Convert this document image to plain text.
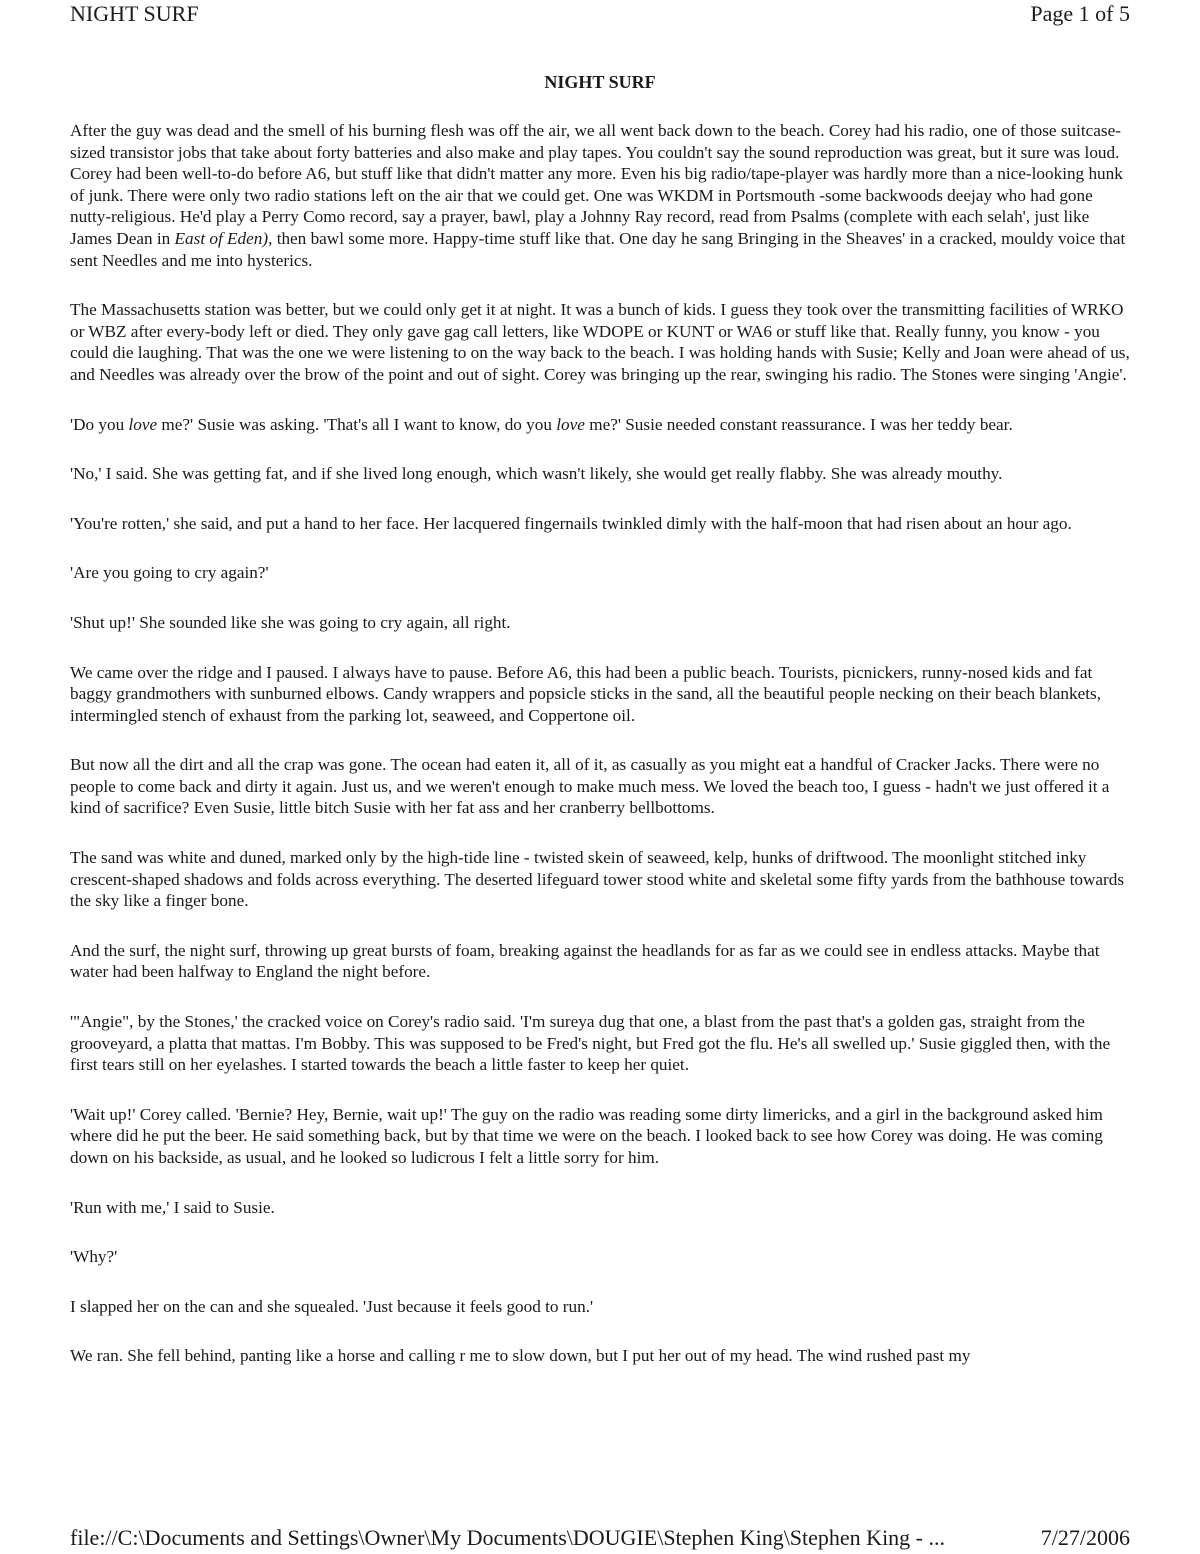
NIGHT SURF	Page 1 of 5
NIGHT SURF

After the guy was dead and the smell of his burning flesh was off the air, we all went back down to the beach. Corey had his radio, one of those suitcase-sized transistor jobs that take about forty batteries and also make and play tapes. You couldn't say the sound reproduction was great, but it sure was loud. Corey had been well-to-do before A6, but stuff like that didn't matter any more. Even his big radio/tape-player was hardly more than a nice-looking hunk of junk. There were only two radio stations left on the air that we could get. One was WKDM in Portsmouth -some backwoods deejay who had gone nutty-religious. He'd play a Perry Como record, say a prayer, bawl, play a Johnny Ray record, read from Psalms (complete with each selah', just like James Dean in East of Eden), then bawl some more. Happy-time stuff like that. One day he sang Bringing in the Sheaves' in a cracked, mouldy voice that sent Needles and me into hysterics.

The Massachusetts station was better, but we could only get it at night. It was a bunch of kids. I guess they took over the transmitting facilities of WRKO or WBZ after every-body left or died. They only gave gag call letters, like WDOPE or KUNT or WA6 or stuff like that. Really funny, you know - you could die laughing. That was the one we were listening to on the way back to the beach. I was holding hands with Susie; Kelly and Joan were ahead of us, and Needles was already over the brow of the point and out of sight. Corey was bringing up the rear, swinging his radio. The Stones were singing 'Angie'.

'Do you love me?' Susie was asking. 'That's all I want to know, do you love me?' Susie needed constant reassurance. I was her teddy bear.

'No,' I said. She was getting fat, and if she lived long enough, which wasn't likely, she would get really flabby. She was already mouthy.

'You're rotten,' she said, and put a hand to her face. Her lacquered fingernails twinkled dimly with the half-moon that had risen about an hour ago.

'Are you going to cry again?'

'Shut up!' She sounded like she was going to cry again, all right.

We came over the ridge and I paused. I always have to pause. Before A6, this had been a public beach. Tourists, picnickers, runny-nosed kids and fat baggy grandmothers with sunburned elbows. Candy wrappers and popsicle sticks in the sand, all the beautiful people necking on their beach blankets, intermingled stench of exhaust from the parking lot, seaweed, and Coppertone oil.

But now all the dirt and all the crap was gone. The ocean had eaten it, all of it, as casually as you might eat a handful of Cracker Jacks. There were no people to come back and dirty it again. Just us, and we weren't enough to make much mess. We loved the beach too, I guess - hadn't we just offered it a kind of sacrifice? Even Susie, little bitch Susie with her fat ass and her cranberry bellbottoms.

The sand was white and duned, marked only by the high-tide line - twisted skein of seaweed, kelp, hunks of driftwood. The moonlight stitched inky crescent-shaped shadows and folds across everything. The deserted lifeguard tower stood white and skeletal some fifty yards from the bathhouse towards the sky like a finger bone.

And the surf, the night surf, throwing up great bursts of foam, breaking against the headlands for as far as we could see in endless attacks. Maybe that water had been halfway to England the night before.

'"Angie", by the Stones,' the cracked voice on Corey's radio said. 'I'm sureya dug that one, a blast from the past that's a golden gas, straight from the grooveyard, a platta that mattas. I'm Bobby. This was supposed to be Fred's night, but Fred got the flu. He's all swelled up.' Susie giggled then, with the first tears still on her eyelashes. I started towards the beach a little faster to keep her quiet.

'Wait up!' Corey called. 'Bernie? Hey, Bernie, wait up!' The guy on the radio was reading some dirty limericks, and a girl in the background asked him where did he put the beer. He said something back, but by that time we were on the beach. I looked back to see how Corey was doing. He was coming down on his backside, as usual, and he looked so ludicrous I felt a little sorry for him.

'Run with me,' I said to Susie.

'Why?'

I slapped her on the can and she squealed. 'Just because it feels good to run.'

We ran. She fell behind, panting like a horse and calling r me to slow down, but I put her out of my head. The wind rushed past my

file://C:\Documents and Settings\Owner\My Documents\DOUGIE\Stephen King\Stephen King - ...	7/27/2006
